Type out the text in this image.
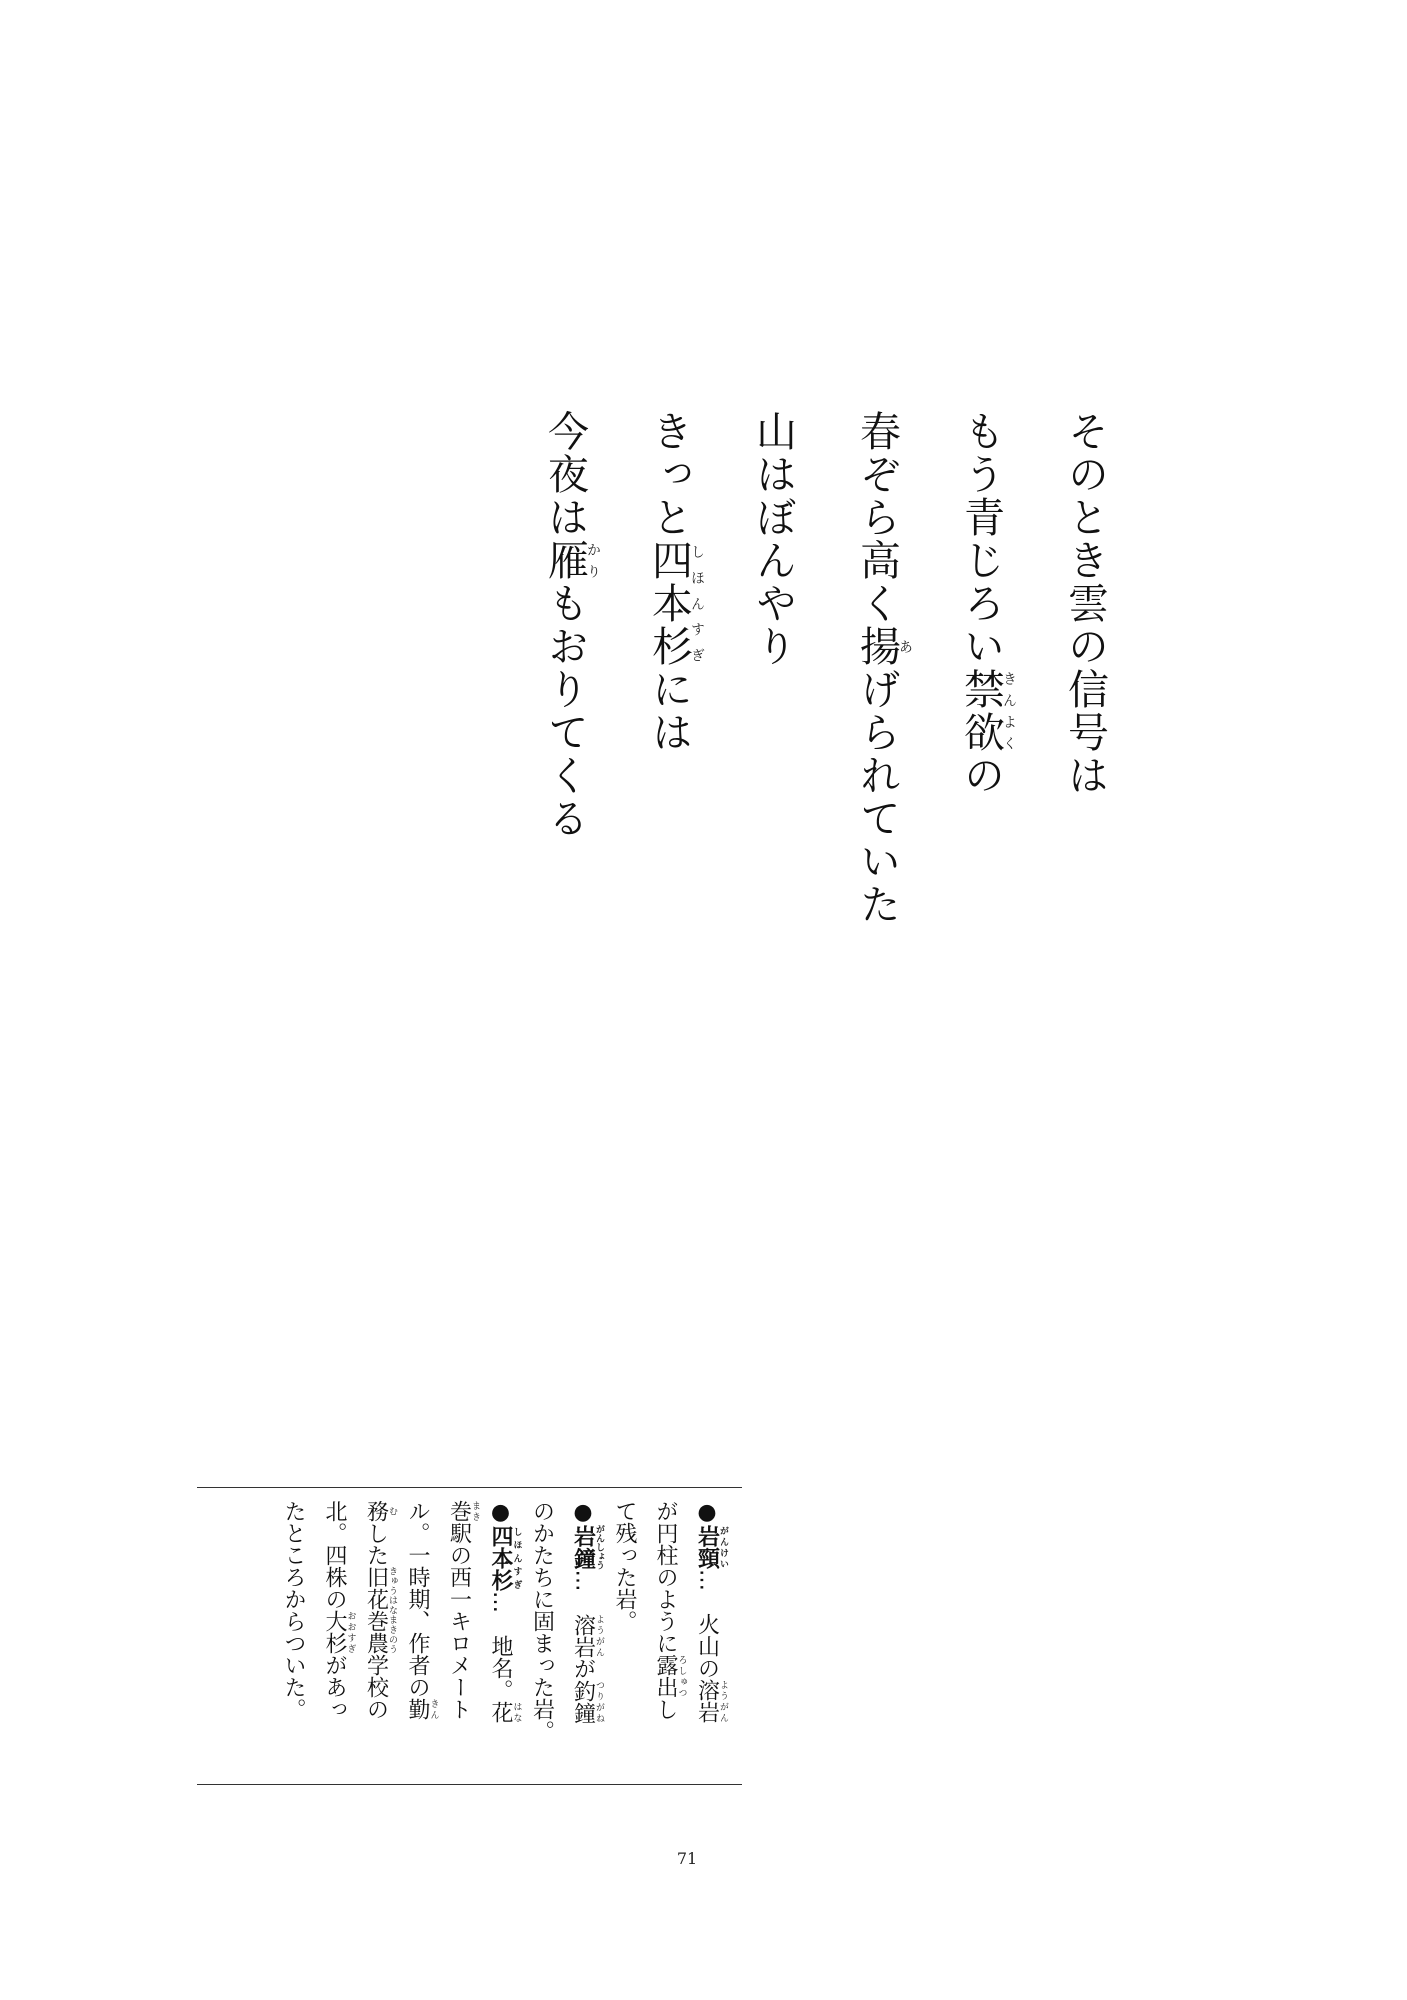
そのとき雲の信号は
もう青じろい禁欲きんよくの
春ぞら高く揚あげられていた
山はぼんやり
きっと四本杉しほんすぎには
今夜は雁かりもおりてくる
●岩頸がんけい…　火山の溶岩ようがん
が円柱のように露出ろしゅつし
て残った岩。
●岩鐘がんしょう…　溶岩ようがんが釣鐘つりがね
のかたちに固まった岩。
●四本杉しほんすぎ…　地名。花はな
巻まき駅の西一キロメート
ル。一時期、作者の勤きん
務むした旧花巻農きゅうはなまきのう学校の
北。四株の大杉おおすぎがあっ
たところからついた。
71
